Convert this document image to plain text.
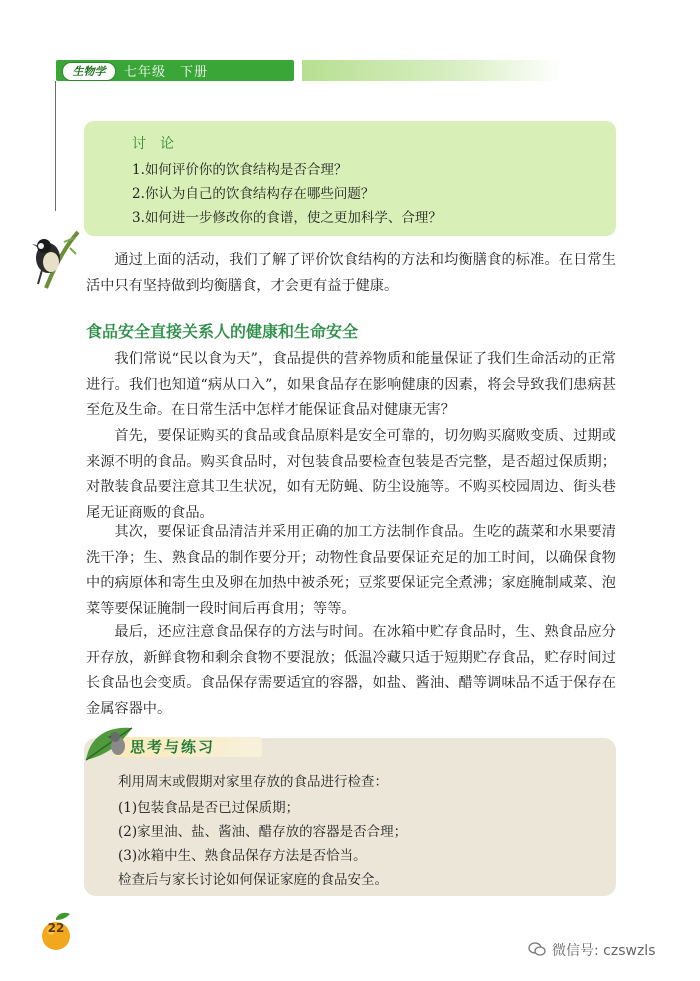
生物学	七年级　下册
讨论
1.如何评价你的饮食结构是否合理？
2.你认为自己的饮食结构存在哪些问题？
3.如何进一步修改你的食谱，使之更加科学、合理？

通过上面的活动，我们了解了评价饮食结构的方法和均衡膳食的标准。在日常生活中只有坚持做到均衡膳食，才会更有益于健康。

食品安全直接关系人的健康和生命安全

我们常说“民以食为天”，食品提供的营养物质和能量保证了我们生命活动的正常进行。我们也知道“病从口入”，如果食品存在影响健康的因素，将会导致我们患病甚至危及生命。在日常生活中怎样才能保证食品对健康无害？

首先，要保证购买的食品或食品原料是安全可靠的，切勿购买腐败变质、过期或来源不明的食品。购买食品时，对包装食品要检查包装是否完整，是否超过保质期；对散装食品要注意其卫生状况，如有无防蝇、防尘设施等。不购买校园周边、街头巷尾无证商贩的食品。

其次，要保证食品清洁并采用正确的加工方法制作食品。生吃的蔬菜和水果要清洗干净；生、熟食品的制作要分开；动物性食品要保证充足的加工时间，以确保食物中的病原体和寄生虫及卵在加热中被杀死；豆浆要保证完全煮沸；家庭腌制咸菜、泡菜等要保证腌制一段时间后再食用；等等。

最后，还应注意食品保存的方法与时间。在冰箱中贮存食品时，生、熟食品应分开存放，新鲜食物和剩余食物不要混放；低温冷藏只适于短期贮存食品，贮存时间过长食品也会变质。食品保存需要适宜的容器，如盐、酱油、醋等调味品不适于保存在金属容器中。

思考与练习
利用周末或假期对家里存放的食品进行检查：
(1)包装食品是否已过保质期；
(2)家里油、盐、酱油、醋存放的容器是否合理；
(3)冰箱中生、熟食品保存方法是否恰当。
检查后与家长讨论如何保证家庭的食品安全。
22
微信号: czswzls
